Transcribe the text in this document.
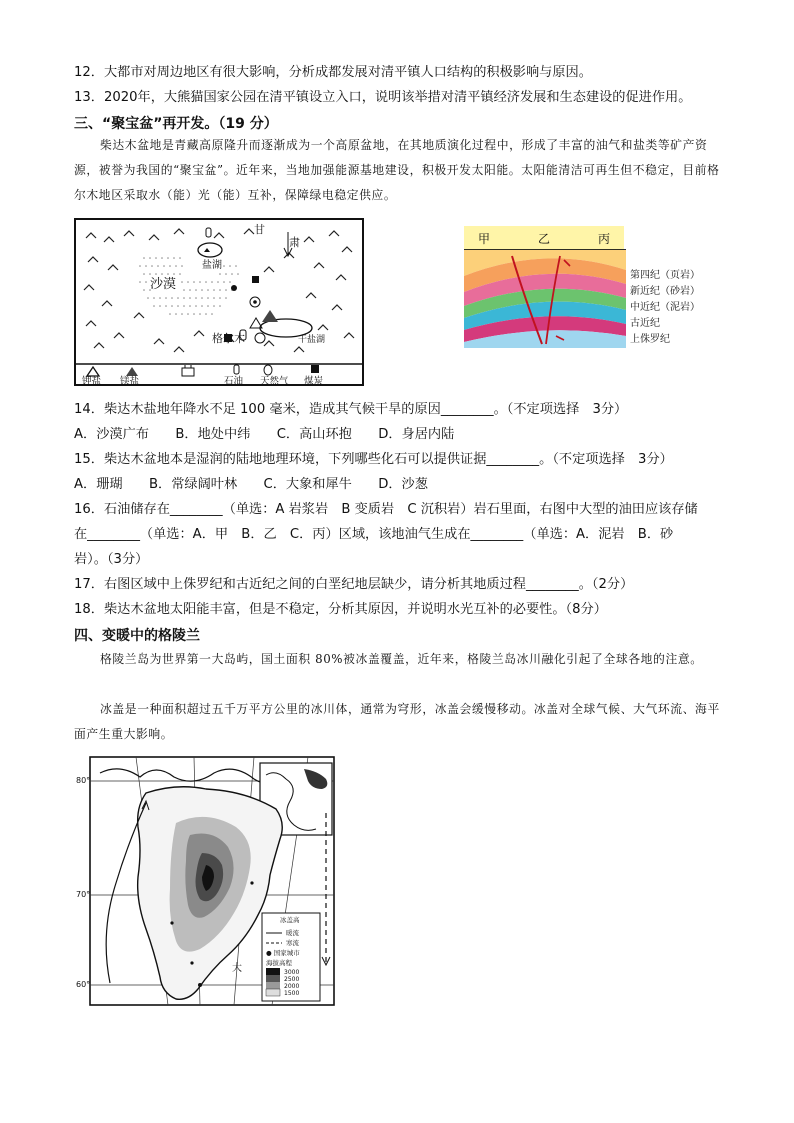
12．大都市对周边地区有很大影响，分析成都发展对清平镇人口结构的积极影响与原因。
13．2020年，大熊猫国家公园在清平镇设立入口，说明该举措对清平镇经济发展和生态建设的促进作用。
三、“聚宝盆”再开发。（19 分）
柴达木盆地是青藏高原隆升而逐渐成为一个高原盆地，在其地质演化过程中，形成了丰富的油气和盐类等矿产资源，被誉为我国的“聚宝盆”。近年来，当地加强能源基地建设，积极开发太阳能。太阳能清洁可再生但不稳定，目前格尔木地区采取水（能）光（能）互补，保障绿电稳定供应。
甘
肃
盐湖
沙漠
格尔木	干盐湖
钾盐 镁盐	石油 天然气 煤炭
甲	乙	丙
第四纪（页岩）
新近纪（砂岩）
中近纪（泥岩）
古近纪
上侏罗纪
14．柴达木盐地年降水不足 100 毫米，造成其气候干旱的原因________。（不定项选择　3分）
A．沙漠广布　　B．地处中纬　　C．高山环抱　　D．身居内陆
15．柴达木盆地本是湿润的陆地地理环境，下列哪些化石可以提供证据________。（不定项选择　3分）
A．珊瑚　　B．常绿阔叶林　　C．大象和犀牛　　D．沙葱
16．石油储存在________（单选：A 岩浆岩　B 变质岩　C 沉积岩）岩石里面，右图中大型的油田应该存储
在________（单选：A．甲　B．乙　C．丙）区域，该地油气生成在________（单选：A．泥岩　B．砂
岩）。（3分）
17．右图区域中上侏罗纪和古近纪之间的白垩纪地层缺少，请分析其地质过程________。（2分）
18．柴达木盆地太阳能丰富，但是不稳定，分析其原因，并说明水光互补的必要性。（8分）
四、变暖中的格陵兰
格陵兰岛为世界第一大岛屿，国土面积 80%被冰盖覆盖，近年来，格陵兰岛冰川融化引起了全球各地的注意。
冰盖是一种面积超过五千万平方公里的冰川体，通常为穹形，冰盖会缓慢移动。冰盖对全球气候、大气环流、海平面产生重大影响。
冰盖高
暖流
寒流
● 国家城市
海拔高程
3000
2500
2000
1500
80°
70°
60°
大
